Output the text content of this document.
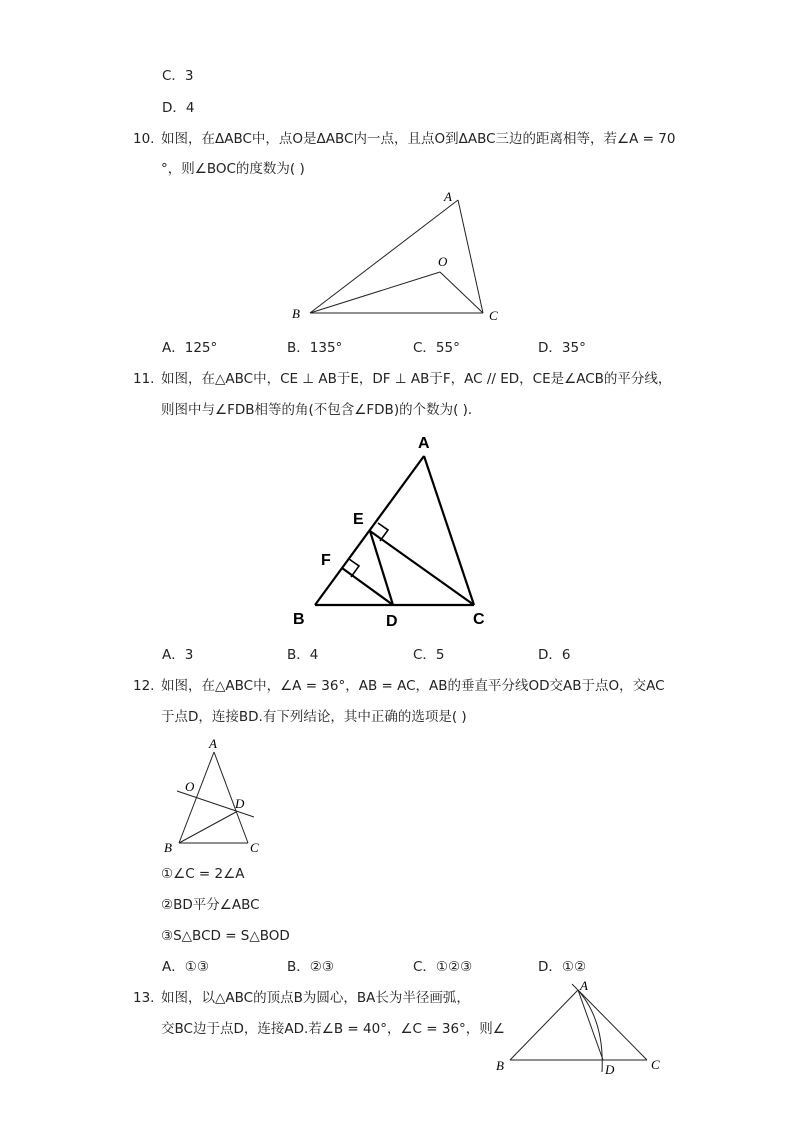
C．3
D．4
10. 如图，在ΔABC中，点O是ΔABC内一点，且点O到ΔABC三边的距离相等，若∠A = 70
°，则∠BOC的度数为( )
A
O
B	C
A．125°	B．135°	C．55°	D．35°
11. 如图，在△ABC中，CE ⊥ AB于E，DF ⊥ AB于F，AC // ED，CE是∠ACB的平分线，
则图中与∠FDB相等的角(不包含∠FDB)的个数为( )．
A
E
F
B	D	C
A．3	B．4	C．5	D．6
12. 如图，在△ABC中，∠A = 36°，AB = AC，AB的垂直平分线OD交AB于点O，交AC
于点D，连接BD.有下列结论，其中正确的选项是( )
A
O
D
B	C
①∠C = 2∠A
②BD平分∠ABC
③S△BCD = S△BOD
A．①③	B．②③	C．①②③	D．①②
13. 如图，以△ABC的顶点B为圆心，BA长为半径画弧，
交BC边于点D，连接AD.若∠B = 40°，∠C = 36°，则∠
A
B	D	C
